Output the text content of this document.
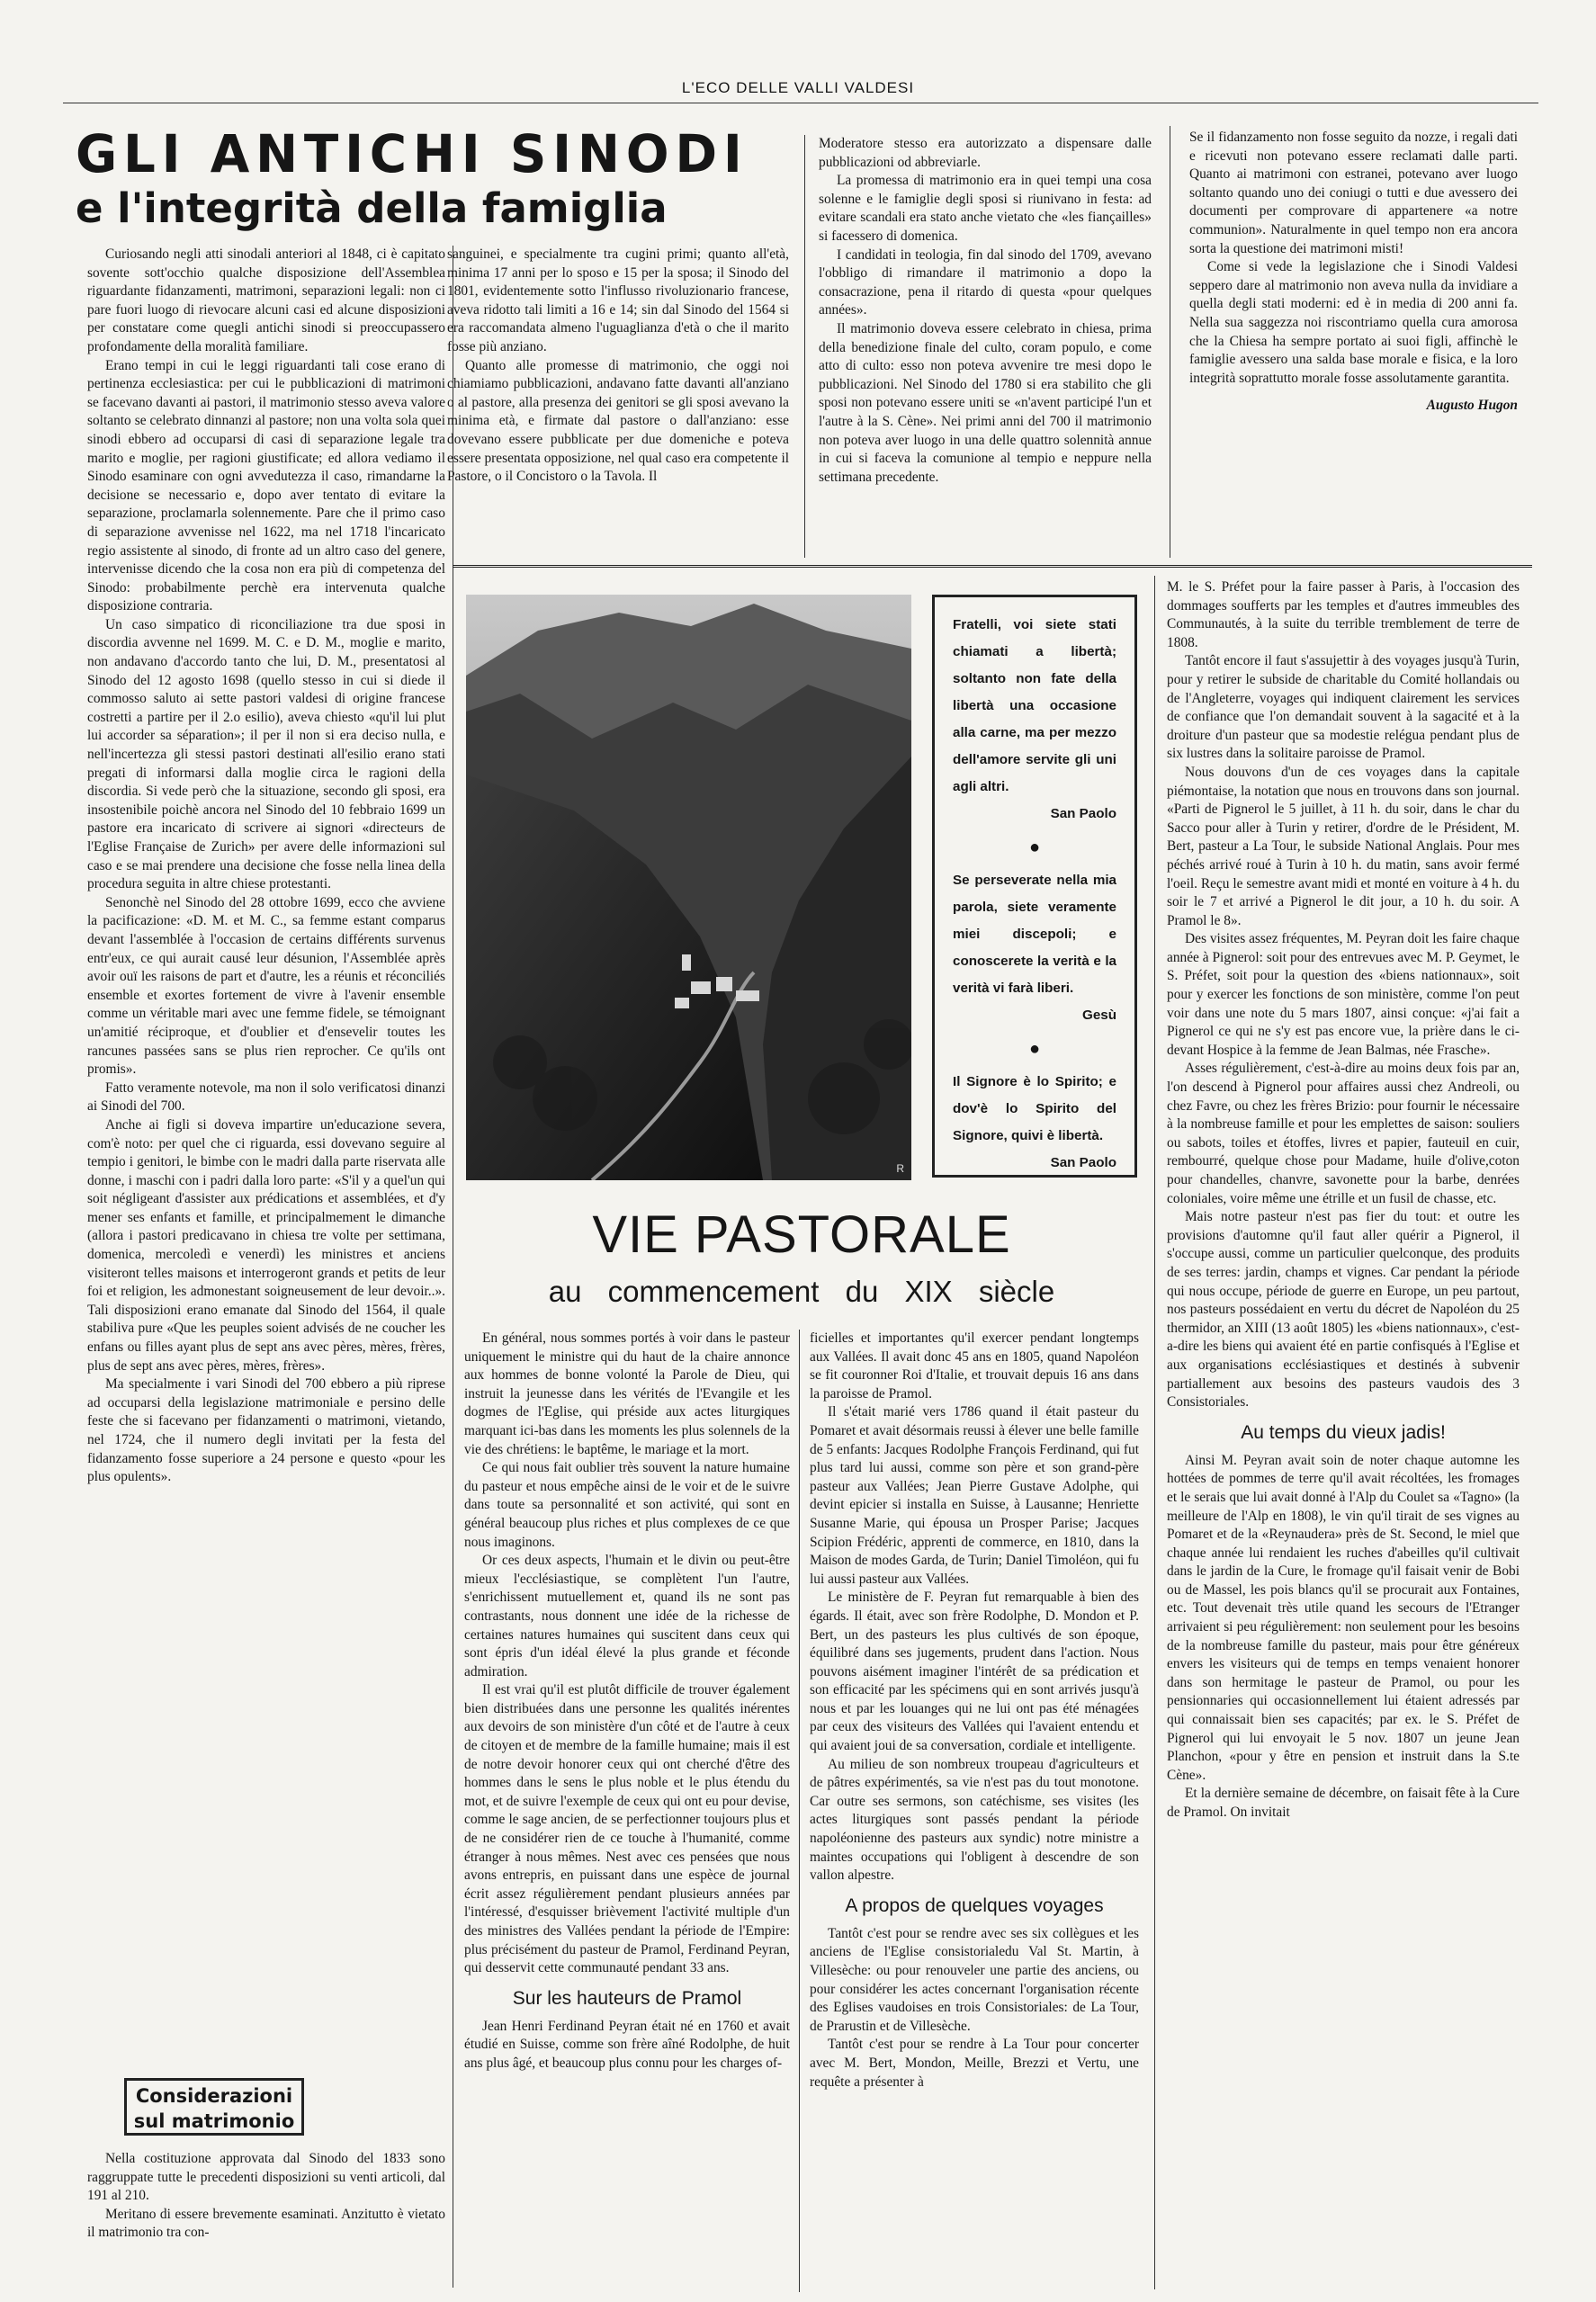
L'ECO DELLE VALLI VALDESI
GLI ANTICHI SINODI
e l'integrità della famiglia

Curiosando negli atti sinodali anteriori al 1848, ci è capitato sovente sott'occhio qualche disposizione dell'Assemblea riguardante fidanzamenti, matrimoni, separazioni legali: non ci pare fuori luogo di rievocare alcuni casi ed alcune disposizioni per constatare come quegli antichi sinodi si preoccupassero profondamente della moralità familiare.

Erano tempi in cui le leggi riguardanti tali cose erano di pertinenza ecclesiastica: per cui le pubblicazioni di matrimoni se facevano davanti ai pastori, il matrimonio stesso aveva valore soltanto se celebrato dinnanzi al pastore; non una volta sola quei sinodi ebbero ad occuparsi di casi di separazione legale tra marito e moglie, per ragioni giustificate; ed allora vediamo il Sinodo esaminare con ogni avvedutezza il caso, rimandarne la decisione se necessario e, dopo aver tentato di evitare la separazione, proclamarla solennemente. Pare che il primo caso di separazione avvenisse nel 1622, ma nel 1718 l'incaricato regio assistente al sinodo, di fronte ad un altro caso del genere, intervenisse dicendo che la cosa non era più di competenza del Sinodo: probabilmente perchè era intervenuta qualche disposizione contraria.

Un caso simpatico di riconciliazione tra due sposi in discordia avvenne nel 1699. M. C. e D. M., moglie e marito, non andavano d'accordo tanto che lui, D. M., presentatosi al Sinodo del 12 agosto 1698 (quello stesso in cui si diede il commosso saluto ai sette pastori valdesi di origine francese costretti a partire per il 2.o esilio), aveva chiesto «qu'il lui plut lui accorder sa séparation»; il per il non si era deciso nulla, e nell'incertezza gli stessi pastori destinati all'esilio erano stati pregati di informarsi dalla moglie circa le ragioni della discordia. Si vede però che la situazione, secondo gli sposi, era insostenibile poichè ancora nel Sinodo del 10 febbraio 1699 un pastore era incaricato di scrivere ai signori «directeurs de l'Eglise Française de Zurich» per avere delle informazioni sul caso e se mai prendere una decisione che fosse nella linea della procedura seguita in altre chiese protestanti.

Senonchè nel Sinodo del 28 ottobre 1699, ecco che avviene la pacificazione: «D. M. et M. C., sa femme estant comparus devant l'assemblée à l'occasion de certains différents survenus entr'eux, ce qui aurait causé leur désunion, l'Assemblée après avoir ouï les raisons de part et d'autre, les a réunis et réconciliés ensemble et exortes fortement de vivre à l'avenir ensemble comme un véritable mari avec une femme fidele, se témoignant un'amitié réciproque, et d'oublier et d'ensevelir toutes les rancunes passées sans se plus rien reprocher. Ce qu'ils ont promis».

Fatto veramente notevole, ma non il solo verificatosi dinanzi ai Sinodi del 700.

Anche ai figli si doveva impartire un'educazione severa, com'è noto: per quel che ci riguarda, essi dovevano seguire al tempio i genitori, le bimbe con le madri dalla parte riservata alle donne, i maschi con i padri dalla loro parte: «S'il y a quel'un qui soit négligeant d'assister aux prédications et assemblées, et d'y mener ses enfants et famille, et principalmement le dimanche (allora i pastori predicavano in chiesa tre volte per settimana, domenica, mercoledì e venerdì) les ministres et anciens visiteront telles maisons et interrogeront grands et petits de leur foi et religion, les admonestant soigneusement de leur devoir..». Tali disposizioni erano emanate dal Sinodo del 1564, il quale stabiliva pure «Que les peuples soient advisés de ne coucher les enfans ou filles ayant plus de sept ans avec pères, mères, frères, plus de sept ans avec pères, mères, frères».

Ma specialmente i vari Sinodi del 700 ebbero a più riprese ad occuparsi della legislazione matrimoniale e persino delle feste che si facevano per fidanzamenti o matrimoni, vietando, nel 1724, che il numero degli invitati per la festa del fidanzamento fosse superiore a 24 persone e questo «pour les plus opulents».

Considerazioni
sul matrimonio

Nella costituzione approvata dal Sinodo del 1833 sono raggruppate tutte le precedenti disposizioni su venti articoli, dal 191 al 210.

Meritano di essere brevemente esaminati. Anzitutto è vietato il matrimonio tra con-

sanguinei, e specialmente tra cugini primi; quanto all'età, minima 17 anni per lo sposo e 15 per la sposa; il Sinodo del 1801, evidentemente sotto l'influsso rivoluzionario francese, aveva ridotto tali limiti a 16 e 14; sin dal Sinodo del 1564 si era raccomandata almeno l'uguaglianza d'età o che il marito fosse più anziano.

Quanto alle promesse di matrimonio, che oggi noi chiamiamo pubblicazioni, andavano fatte davanti all'anziano o al pastore, alla presenza dei genitori se gli sposi avevano la minima età, e firmate dal pastore o dall'anziano: esse dovevano essere pubblicate per due domeniche e poteva essere presentata opposizione, nel qual caso era competente il Pastore, o il Concistoro o la Tavola. Il

Moderatore stesso era autorizzato a dispensare dalle pubblicazioni od abbreviarle.

La promessa di matrimonio era in quei tempi una cosa solenne e le famiglie degli sposi si riunivano in festa: ad evitare scandali era stato anche vietato che «les fiançailles» si facessero di domenica.

I candidati in teologia, fin dal sinodo del 1709, avevano l'obbligo di rimandare il matrimonio a dopo la consacrazione, pena il ritardo di questa «pour quelques années».

Il matrimonio doveva essere celebrato in chiesa, prima della benedizione finale del culto, coram populo, e come atto di culto: esso non poteva avvenire tre mesi dopo le pubblicazioni. Nel Sinodo del 1780 si era stabilito che gli sposi non potevano essere uniti se «n'avent participé l'un et l'autre à la S. Cène». Nei primi anni del 700 il matrimonio non poteva aver luogo in una delle quattro solennità annue in cui si faceva la comunione al tempio e neppure nella settimana precedente.

Se il fidanzamento non fosse seguito da nozze, i regali dati e ricevuti non potevano essere reclamati dalle parti. Quanto ai matrimoni con estranei, potevano aver luogo soltanto quando uno dei coniugi o tutti e due avessero dei documenti per comprovare di appartenere «a notre communion». Naturalmente in quel tempo non era ancora sorta la questione dei matrimoni misti!

Come si vede la legislazione che i Sinodi Valdesi seppero dare al matrimonio non aveva nulla da invidiare a quella degli stati moderni: ed è in media di 200 anni fa. Nella sua saggezza noi riscontriamo quella cura amorosa che la Chiesa ha sempre portato ai suoi figli, affinchè le famiglie avessero una salda base morale e fisica, e la loro integrità soprattutto morale fosse assolutamente garantita.

Augusto Hugon

R

Fratelli, voi siete stati chiamati a libertà; soltanto non fate della libertà una occasione alla carne, ma per mezzo dell'amore servite gli uni agli altri.

San Paolo

●

Se perseverate nella mia parola, siete veramente miei discepoli; e conoscerete la verità e la verità vi farà liberi.

Gesù

●

Il Signore è lo Spirito; e dov'è lo Spirito del Signore, quivi è libertà.

San Paolo

VIE PASTORALE
au commencement du XIX siècle

En général, nous sommes portés à voir dans le pasteur uniquement le ministre qui du haut de la chaire annonce aux hommes de bonne volonté la Parole de Dieu, qui instruit la jeunesse dans les vérités de l'Evangile et les dogmes de l'Eglise, qui préside aux actes liturgiques marquant ici-bas dans les moments les plus solennels de la vie des chrétiens: le baptême, le mariage et la mort.

Ce qui nous fait oublier très souvent la nature humaine du pasteur et nous empêche ainsi de le voir et de le suivre dans toute sa personnalité et son activité, qui sont en général beaucoup plus riches et plus complexes de ce que nous imaginons.

Or ces deux aspects, l'humain et le divin ou peut-être mieux l'ecclésiastique, se complètent l'un l'autre, s'enrichissent mutuellement et, quand ils ne sont pas contrastants, nous donnent une idée de la richesse de certaines natures humaines qui suscitent dans ceux qui sont épris d'un idéal élevé la plus grande et féconde admiration.

Il est vrai qu'il est plutôt difficile de trouver également bien distribuées dans une personne les qualités inérentes aux devoirs de son ministère d'un côté et de l'autre à ceux de citoyen et de membre de la famille humaine; mais il est de notre devoir honorer ceux qui ont cherché d'être des hommes dans le sens le plus noble et le plus étendu du mot, et de suivre l'exemple de ceux qui ont eu pour devise, comme le sage ancien, de se perfectionner toujours plus et de ne considérer rien de ce touche à l'humanité, comme étranger à nous mêmes. Nest avec ces pensées que nous avons entrepris, en puissant dans une espèce de journal écrit assez régulièrement pendant plusieurs années par l'intéressé, d'esquisser brièvement l'activité multiple d'un des ministres des Vallées pendant la période de l'Empire: plus précisément du pasteur de Pramol, Ferdinand Peyran, qui desservit cette communauté pendant 33 ans.

Sur les hauteurs de Pramol

Jean Henri Ferdinand Peyran était né en 1760 et avait étudié en Suisse, comme son frère aîné Rodolphe, de huit ans plus âgé, et beaucoup plus connu pour les charges of-

ficielles et importantes qu'il exercer pendant longtemps aux Vallées. Il avait donc 45 ans en 1805, quand Napoléon se fit couronner Roi d'Italie, et trouvait depuis 16 ans dans la paroisse de Pramol.

Il s'était marié vers 1786 quand il était pasteur du Pomaret et avait désormais reussi à élever une belle famille de 5 enfants: Jacques Rodolphe François Ferdinand, qui fut plus tard lui aussi, comme son père et son grand-père pasteur aux Vallées; Jean Pierre Gustave Adolphe, qui devint epicier si installa en Suisse, à Lausanne; Henriette Susanne Marie, qui épousa un Prosper Parise; Jacques Scipion Frédéric, apprenti de commerce, en 1810, dans la Maison de modes Garda, de Turin; Daniel Timoléon, qui fu lui aussi pasteur aux Vallées.

Le ministère de F. Peyran fut remarquable à bien des égards. Il était, avec son frère Rodolphe, D. Mondon et P. Bert, un des pasteurs les plus cultivés de son époque, équilibré dans ses jugements, prudent dans l'action. Nous pouvons aisément imaginer l'intérêt de sa prédication et son efficacité par les spécimens qui en sont arrivés jusqu'à nous et par les louanges qui ne lui ont pas été ménagées par ceux des visiteurs des Vallées qui l'avaient entendu et qui avaient joui de sa conversation, cordiale et intelligente.

Au milieu de son nombreux troupeau d'agriculteurs et de pâtres expérimentés, sa vie n'est pas du tout monotone. Car outre ses sermons, son catéchisme, ses visites (les actes liturgiques sont passés pendant la période napoléonienne des pasteurs aux syndic) notre ministre a maintes occupations qui l'obligent à descendre de son vallon alpestre.

A propos de quelques voyages

Tantôt c'est pour se rendre avec ses six collègues et les anciens de l'Eglise consistorialedu Val St. Martin, à Villesèche: ou pour renouveler une partie des anciens, ou pour considérer les actes concernant l'organisation récente des Eglises vaudoises en trois Consistoriales: de La Tour, de Prarustin et de Villesèche.

Tantôt c'est pour se rendre à La Tour pour concerter avec M. Bert, Mondon, Meille, Brezzi et Vertu, une requête a présenter à

M. le S. Préfet pour la faire passer à Paris, à l'occasion des dommages soufferts par les temples et d'autres immeubles des Communautés, à la suite du terrible tremblement de terre de 1808.

Tantôt encore il faut s'assujettir à des voyages jusqu'à Turin, pour y retirer le subside de charitable du Comité hollandais ou de l'Angleterre, voyages qui indiquent clairement les services de confiance que l'on demandait souvent à la sagacité et à la droiture d'un pasteur que sa modestie relégua pendant plus de six lustres dans la solitaire paroisse de Pramol.

Nous douvons d'un de ces voyages dans la capitale piémontaise, la notation que nous en trouvons dans son journal. «Parti de Pignerol le 5 juillet, à 11 h. du soir, dans le char du Sacco pour aller à Turin y retirer, d'ordre de le Président, M. Bert, pasteur a La Tour, le subside National Anglais. Pour mes péchés arrivé roué à Turin à 10 h. du matin, sans avoir fermé l'oeil. Reçu le semestre avant midi et monté en voiture à 4 h. du soir le 7 et arrivé a Pignerol le dit jour, a 10 h. du soir. A Pramol le 8».

Des visites assez fréquentes, M. Peyran doit les faire chaque année à Pignerol: soit pour des entrevues avec M. P. Geymet, le S. Préfet, soit pour la question des «biens nationnaux», soit pour y exercer les fonctions de son ministère, comme l'on peut voir dans une note du 5 mars 1807, ainsi conçue: «j'ai fait a Pignerol ce qui ne s'y est pas encore vue, la prière dans le ci-devant Hospice à la femme de Jean Balmas, née Frasche».

Asses régulièrement, c'est-à-dire au moins deux fois par an, l'on descend à Pignerol pour affaires aussi chez Andreoli, ou chez Favre, ou chez les frères Brizio: pour fournir le nécessaire à la nombreuse famille et pour les emplettes de saison: souliers ou sabots, toiles et étoffes, livres et papier, fauteuil en cuir, rembourré, quelque chose pour Madame, huile d'olive,coton pour chandelles, chanvre, savonette pour la barbe, denrées coloniales, voire même une étrille et un fusil de chasse, etc.

Mais notre pasteur n'est pas fier du tout: et outre les provisions d'automne qu'il faut aller quérir a Pignerol, il s'occupe aussi, comme un particulier quelconque, des produits de ses terres: jardin, champs et vignes. Car pendant la période qui nous occupe, période de guerre en Europe, un peu partout, nos pasteurs possédaient en vertu du décret de Napoléon du 25 thermidor, an XIII (13 août 1805) les «biens nationnaux», c'est-a-dire les biens qui avaient été en partie confisqués à l'Eglise et aux organisations ecclésiastiques et destinés à subvenir partiallement aux besoins des pasteurs vaudois des 3 Consistoriales.

Au temps du vieux jadis!

Ainsi M. Peyran avait soin de noter chaque automne les hottées de pommes de terre qu'il avait récoltées, les fromages et le serais que lui avait donné à l'Alp du Coulet sa «Tagno» (la meilleure de l'Alp en 1808), le vin qu'il tirait de ses vignes au Pomaret et de la «Reynaudera» près de St. Second, le miel que chaque année lui rendaient les ruches d'abeilles qu'il cultivait dans le jardin de la Cure, le fromage qu'il faisait venir de Bobi ou de Massel, les pois blancs qu'il se procurait aux Fontaines, etc. Tout devenait très utile quand les secours de l'Etranger arrivaient si peu régulièrement: non seulement pour les besoins de la nombreuse famille du pasteur, mais pour être généreux envers les visiteurs qui de temps en temps venaient honorer dans son hermitage le pasteur de Pramol, ou pour les pensionnaries qui occasionnellement lui étaient adressés par qui connaissait bien ses capacités; par ex. le S. Préfet de Pignerol qui lui envoyait le 5 nov. 1807 un jeune Jean Planchon, «pour y être en pension et instruit dans la S.te Cène».

Et la dernière semaine de décembre, on faisait fête à la Cure de Pramol. On invitait
